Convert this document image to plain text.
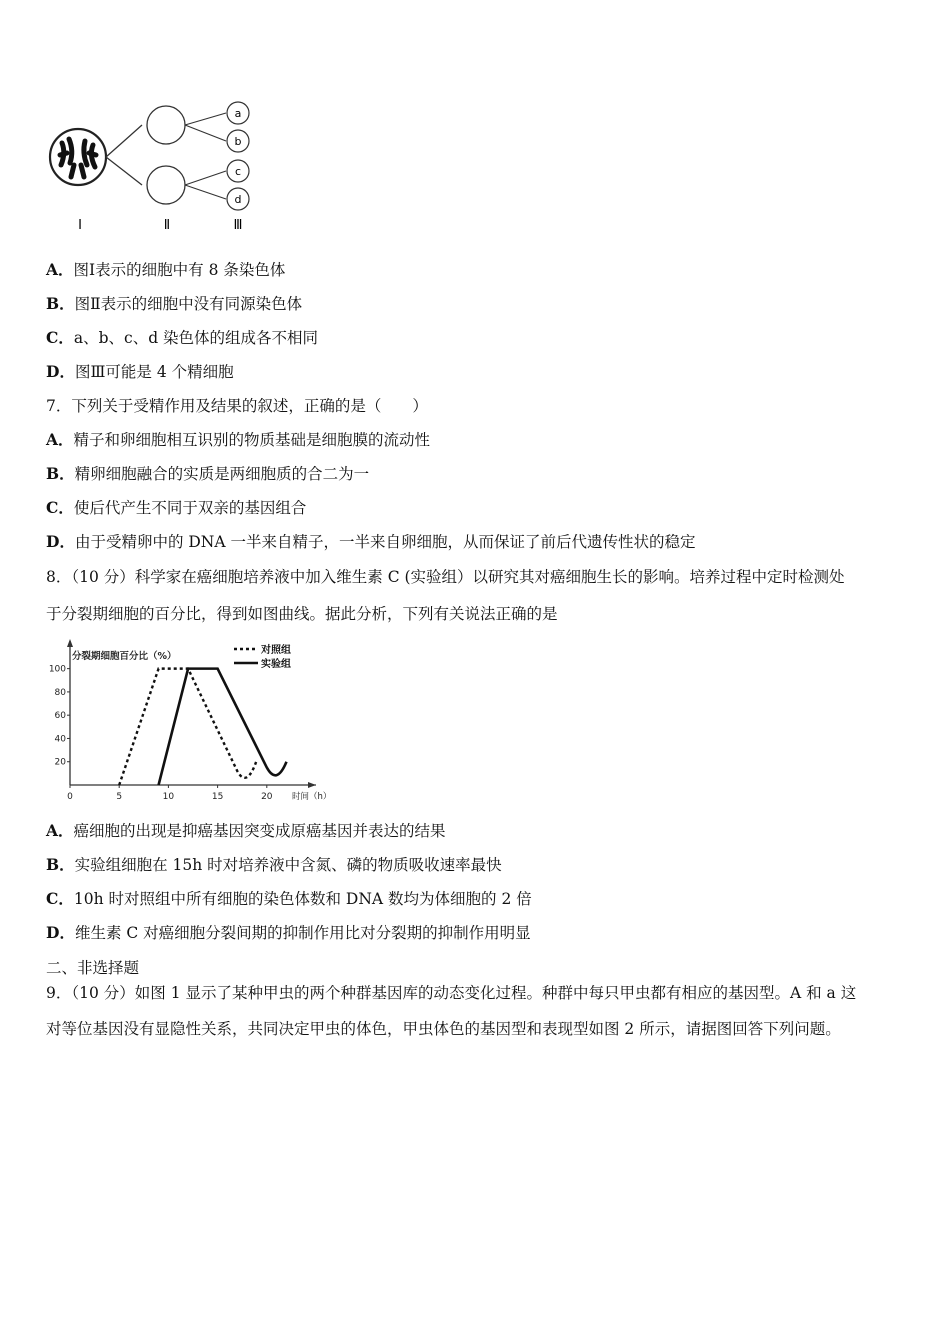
a
b
c
d
Ⅰ	Ⅱ	Ⅲ
A．图Ⅰ表示的细胞中有 8 条染色体
B．图Ⅱ表示的细胞中没有同源染色体
C．a、b、c、d 染色体的组成各不相同
D．图Ⅲ可能是 4 个精细胞
7．下列关于受精作用及结果的叙述，正确的是（　　）
A．精子和卵细胞相互识别的物质基础是细胞膜的流动性
B．精卵细胞融合的实质是两细胞质的合二为一
C．使后代产生不同于双亲的基因组合
D．由于受精卵中的 DNA 一半来自精子，一半来自卵细胞，从而保证了前后代遗传性状的稳定
8．（10 分）科学家在癌细胞培养液中加入维生素 C (实验组）以研究其对癌细胞生长的影响。培养过程中定时检测处
于分裂期细胞的百分比，得到如图曲线。据此分析，下列有关说法正确的是
20
40
60
80
100
0	5	10	15	20
分裂期细胞百分比（%）
时间（h）
对照组
实验组
A．癌细胞的出现是抑癌基因突变成原癌基因并表达的结果
B．实验组细胞在 15h 时对培养液中含氮、磷的物质吸收速率最快
C．10h 时对照组中所有细胞的染色体数和 DNA 数均为体细胞的 2 倍
D．维生素 C 对癌细胞分裂间期的抑制作用比对分裂期的抑制作用明显
二、非选择题
9．（10 分）如图 1 显示了某种甲虫的两个种群基因库的动态变化过程。种群中每只甲虫都有相应的基因型。A 和 a 这
对等位基因没有显隐性关系，共同决定甲虫的体色，甲虫体色的基因型和表现型如图 2 所示，请据图回答下列问题。
